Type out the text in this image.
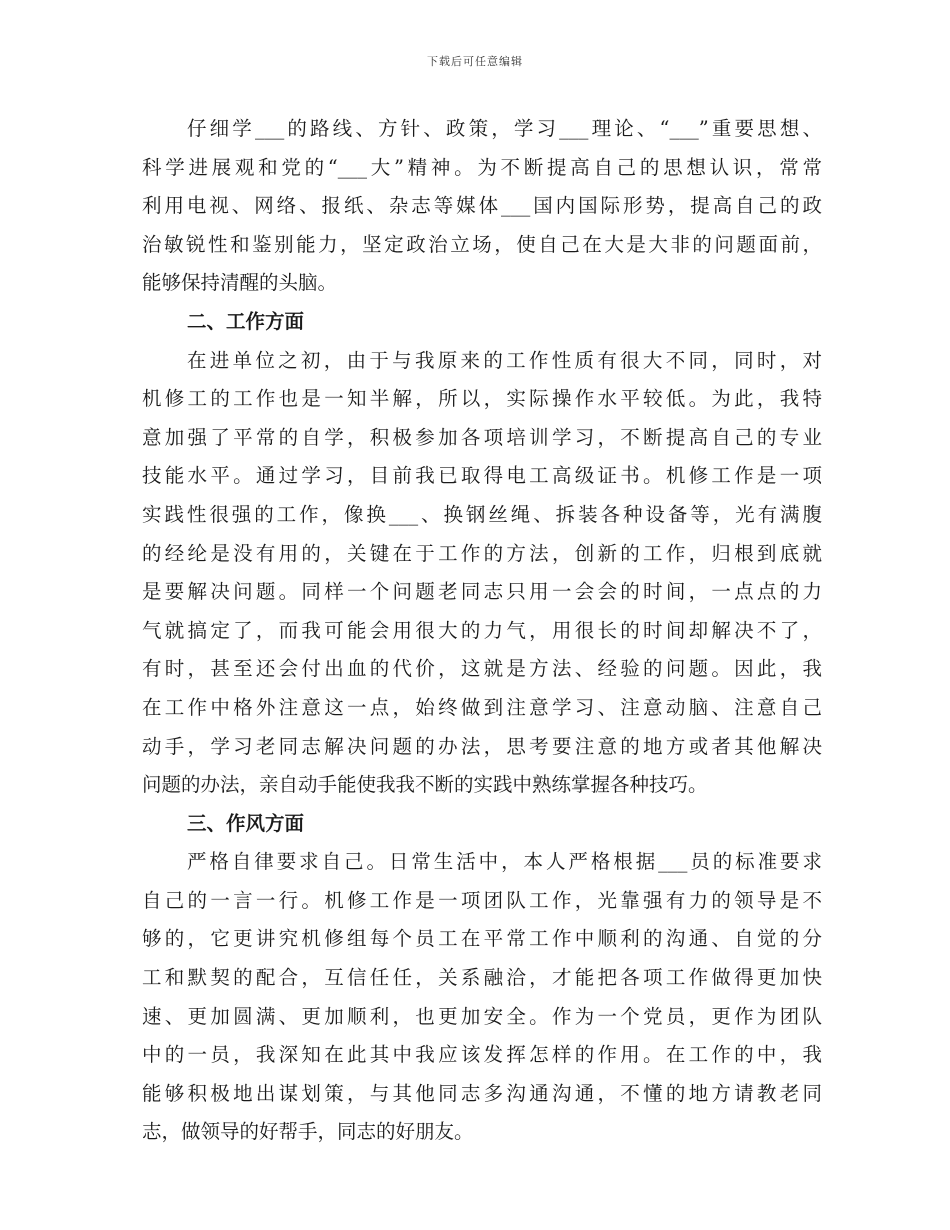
下载后可任意编辑
仔细学___的路线、方针、政策，学习___理论、“___”重要思想、
科学进展观和党的“___大”精神。为不断提高自己的思想认识，常常
利用电视、网络、报纸、杂志等媒体___国内国际形势，提高自己的政
治敏锐性和鉴别能力，坚定政治立场，使自己在大是大非的问题面前，
能够保持清醒的头脑。
二、工作方面
在进单位之初，由于与我原来的工作性质有很大不同，同时，对
机修工的工作也是一知半解，所以，实际操作水平较低。为此，我特
意加强了平常的自学，积极参加各项培训学习，不断提高自己的专业
技能水平。通过学习，目前我已取得电工高级证书。机修工作是一项
实践性很强的工作，像换___、换钢丝绳、拆装各种设备等，光有满腹
的经纶是没有用的，关键在于工作的方法，创新的工作，归根到底就
是要解决问题。同样一个问题老同志只用一会会的时间，一点点的力
气就搞定了，而我可能会用很大的力气，用很长的时间却解决不了，
有时，甚至还会付出血的代价，这就是方法、经验的问题。因此，我
在工作中格外注意这一点，始终做到注意学习、注意动脑、注意自己
动手，学习老同志解决问题的办法，思考要注意的地方或者其他解决
问题的办法，亲自动手能使我我不断的实践中熟练掌握各种技巧。
三、作风方面
严格自律要求自己。日常生活中，本人严格根据___员的标准要求
自己的一言一行。机修工作是一项团队工作，光靠强有力的领导是不
够的，它更讲究机修组每个员工在平常工作中顺利的沟通、自觉的分
工和默契的配合，互信任任，关系融洽，才能把各项工作做得更加快
速、更加圆满、更加顺利，也更加安全。作为一个党员，更作为团队
中的一员，我深知在此其中我应该发挥怎样的作用。在工作的中，我
能够积极地出谋划策，与其他同志多沟通沟通，不懂的地方请教老同
志，做领导的好帮手，同志的好朋友。
